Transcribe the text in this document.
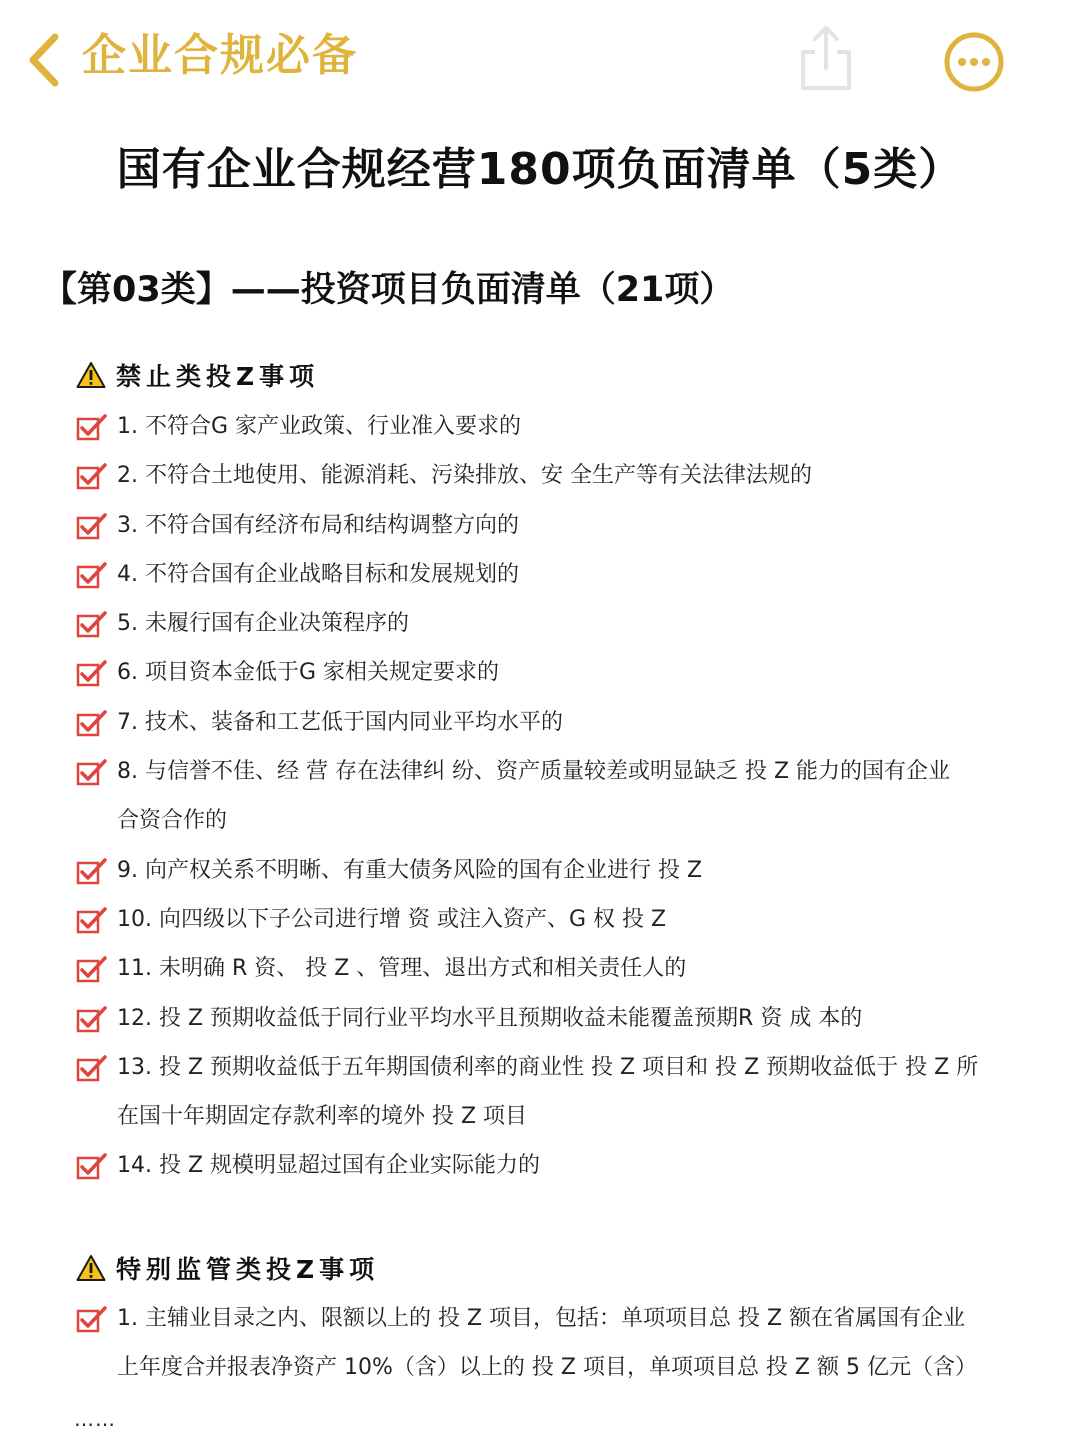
企业合规必备
国有企业合规经营180项负面清单（5类）
【第03类】——投资项目负面清单（21项）
禁止类投Z事项
1. 不符合G 家产业政策、行业准入要求的
2. 不符合土地使用、能源消耗、污染排放、安 全生产等有关法律法规的
3. 不符合国有经济布局和结构调整方向的
4. 不符合国有企业战略目标和发展规划的
5. 未履行国有企业决策程序的
6. 项目资本金低于G 家相关规定要求的
7. 技术、装备和工艺低于国内同业平均水平的
8. 与信誉不佳、经 营 存在法律纠 纷、资产质量较差或明显缺乏 投 Z 能力的国有企业
合资合作的
9. 向产权关系不明晰、有重大债务风险的国有企业进行 投 Z
10. 向四级以下子公司进行增 资 或注入资产、G 权 投 Z
11. 未明确 R 资、 投 Z 、管理、退出方式和相关责任人的
12. 投 Z 预期收益低于同行业平均水平且预期收益未能覆盖预期R 资 成 本的
13. 投 Z 预期收益低于五年期国债利率的商业性 投 Z 项目和 投 Z 预期收益低于 投 Z 所
在国十年期固定存款利率的境外 投 Z 项目
14. 投 Z 规模明显超过国有企业实际能力的
特别监管类投Z事项
1. 主辅业目录之内、限额以上的 投 Z 项目，包括：单项项目总 投 Z 额在省属国有企业
上年度合并报表净资产 10%（含）以上的 投 Z 项目，单项项目总 投 Z 额 5 亿元（含）
……
